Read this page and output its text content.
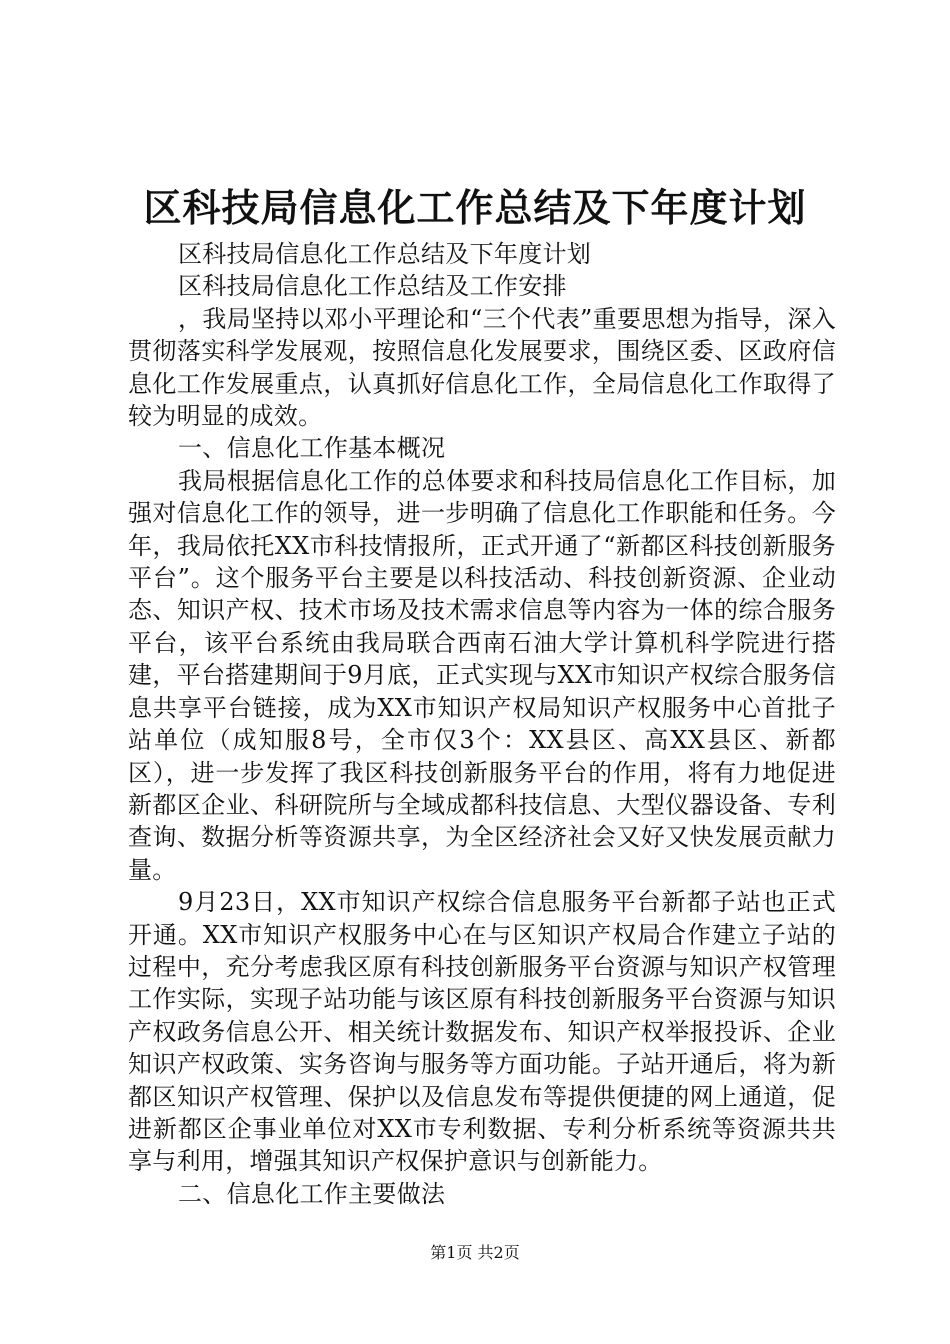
区科技局信息化工作总结及下年度计划

区科技局信息化工作总结及下年度计划

区科技局信息化工作总结及工作安排

，我局坚持以邓小平理论和“三个代表”重要思想为指导，深入贯彻落实科学发展观，按照信息化发展要求，围绕区委、区政府信息化工作发展重点，认真抓好信息化工作，全局信息化工作取得了较为明显的成效。

一、信息化工作基本概况

我局根据信息化工作的总体要求和科技局信息化工作目标，加强对信息化工作的领导，进一步明确了信息化工作职能和任务。今年，我局依托XX市科技情报所，正式开通了“新都区科技创新服务平台”。这个服务平台主要是以科技活动、科技创新资源、企业动态、知识产权、技术市场及技术需求信息等内容为一体的综合服务平台，该平台系统由我局联合西南石油大学计算机科学院进行搭建，平台搭建期间于9月底，正式实现与XX市知识产权综合服务信息共享平台链接，成为XX市知识产权局知识产权服务中心首批子站单位（成知服8号，全市仅3个：XX县区、高XX县区、新都区），进一步发挥了我区科技创新服务平台的作用，将有力地促进新都区企业、科研院所与全域成都科技信息、大型仪器设备、专利查询、数据分析等资源共享，为全区经济社会又好又快发展贡献力量。

9月23日，XX市知识产权综合信息服务平台新都子站也正式开通。XX市知识产权服务中心在与区知识产权局合作建立子站的过程中，充分考虑我区原有科技创新服务平台资源与知识产权管理工作实际，实现子站功能与该区原有科技创新服务平台资源与知识产权政务信息公开、相关统计数据发布、知识产权举报投诉、企业知识产权政策、实务咨询与服务等方面功能。子站开通后，将为新都区知识产权管理、保护以及信息发布等提供便捷的网上通道，促进新都区企事业单位对XX市专利数据、专利分析系统等资源共共享与利用，增强其知识产权保护意识与创新能力。

二、信息化工作主要做法

第1页 共2页
